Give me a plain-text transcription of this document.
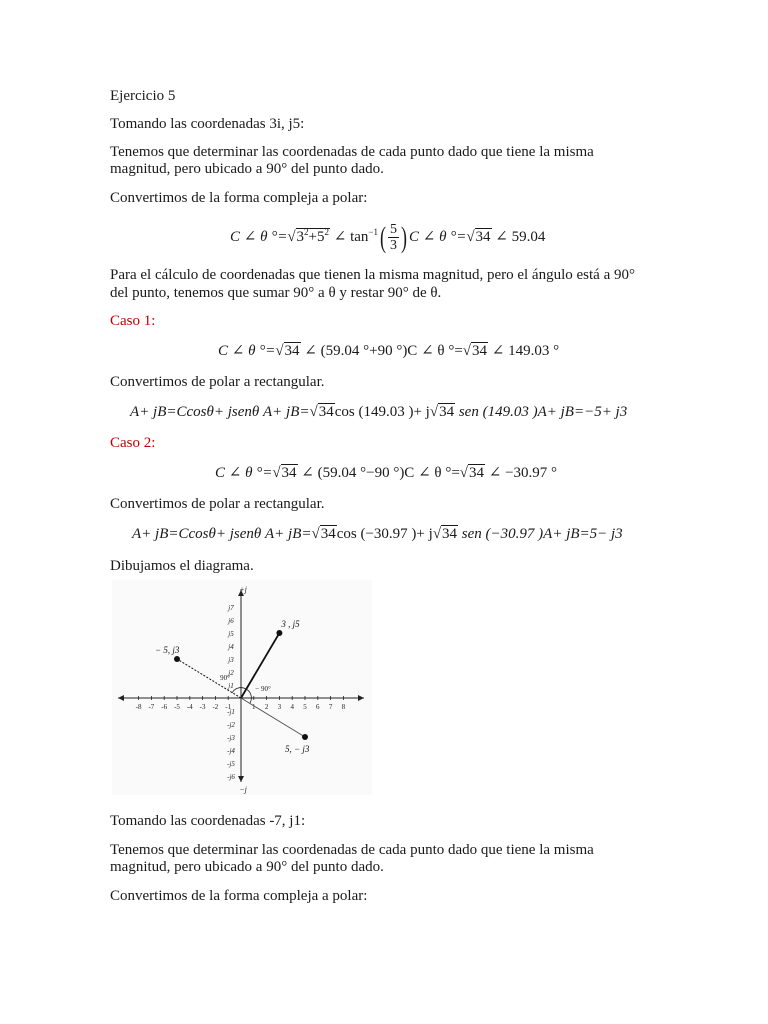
Ejercicio 5

Tomando las coordenadas 3i, j5:

Tenemos que determinar las coordenadas de cada punto dado que tiene la misma

magnitud, pero ubicado a 90° del punto dado.

Convertimos de la forma compleja a polar:

C ∠ θ $^\circ=√3^2+5^2$ ∠ $\tan^{-1}( \frac{5}{3}$ ) C ∠ θ °=√34 ∠ 59.04

Para el cálculo de coordenadas que tienen la misma magnitud, pero el ángulo está a 90°

del punto, tenemos que sumar 90° a θ y restar 90° de θ.

Caso 1:

C ∠ θ °=√34 ∠ (59.04 °+90 °)C ∠ θ °=√34 ∠ 149.03 °

Convertimos de polar a rectangular.

A+ jB=Ccosθ+ jsenθ A+ jB=√34cos (149.03 )+ j√34 sen (149.03 )A+ jB=−5+ j3

Caso 2:

C ∠ θ °=√34 ∠ (59.04 °−90 °)C ∠ θ °=√34 ∠ −30.97 °

Convertimos de polar a rectangular.

A+ jB=Ccosθ+ jsenθ A+ jB=√34cos (−30.97 )+ j√34 sen (−30.97 )A+ jB=5− j3

Dibujamos el diagrama.

-8 -7 -6 -5 -4 -3 -2 -1	1 2 3 4 5 6 7 8
j1
j2
j3
j4
j5
j6
j7
-j1
-j2
-j3
-j4
-j5
-j6
+j
−j
90°
− 90°
3 , j5
− 5, j3
5, − j3

Tomando las coordenadas -7, j1:

Tenemos que determinar las coordenadas de cada punto dado que tiene la misma

magnitud, pero ubicado a 90° del punto dado.

Convertimos de la forma compleja a polar:
